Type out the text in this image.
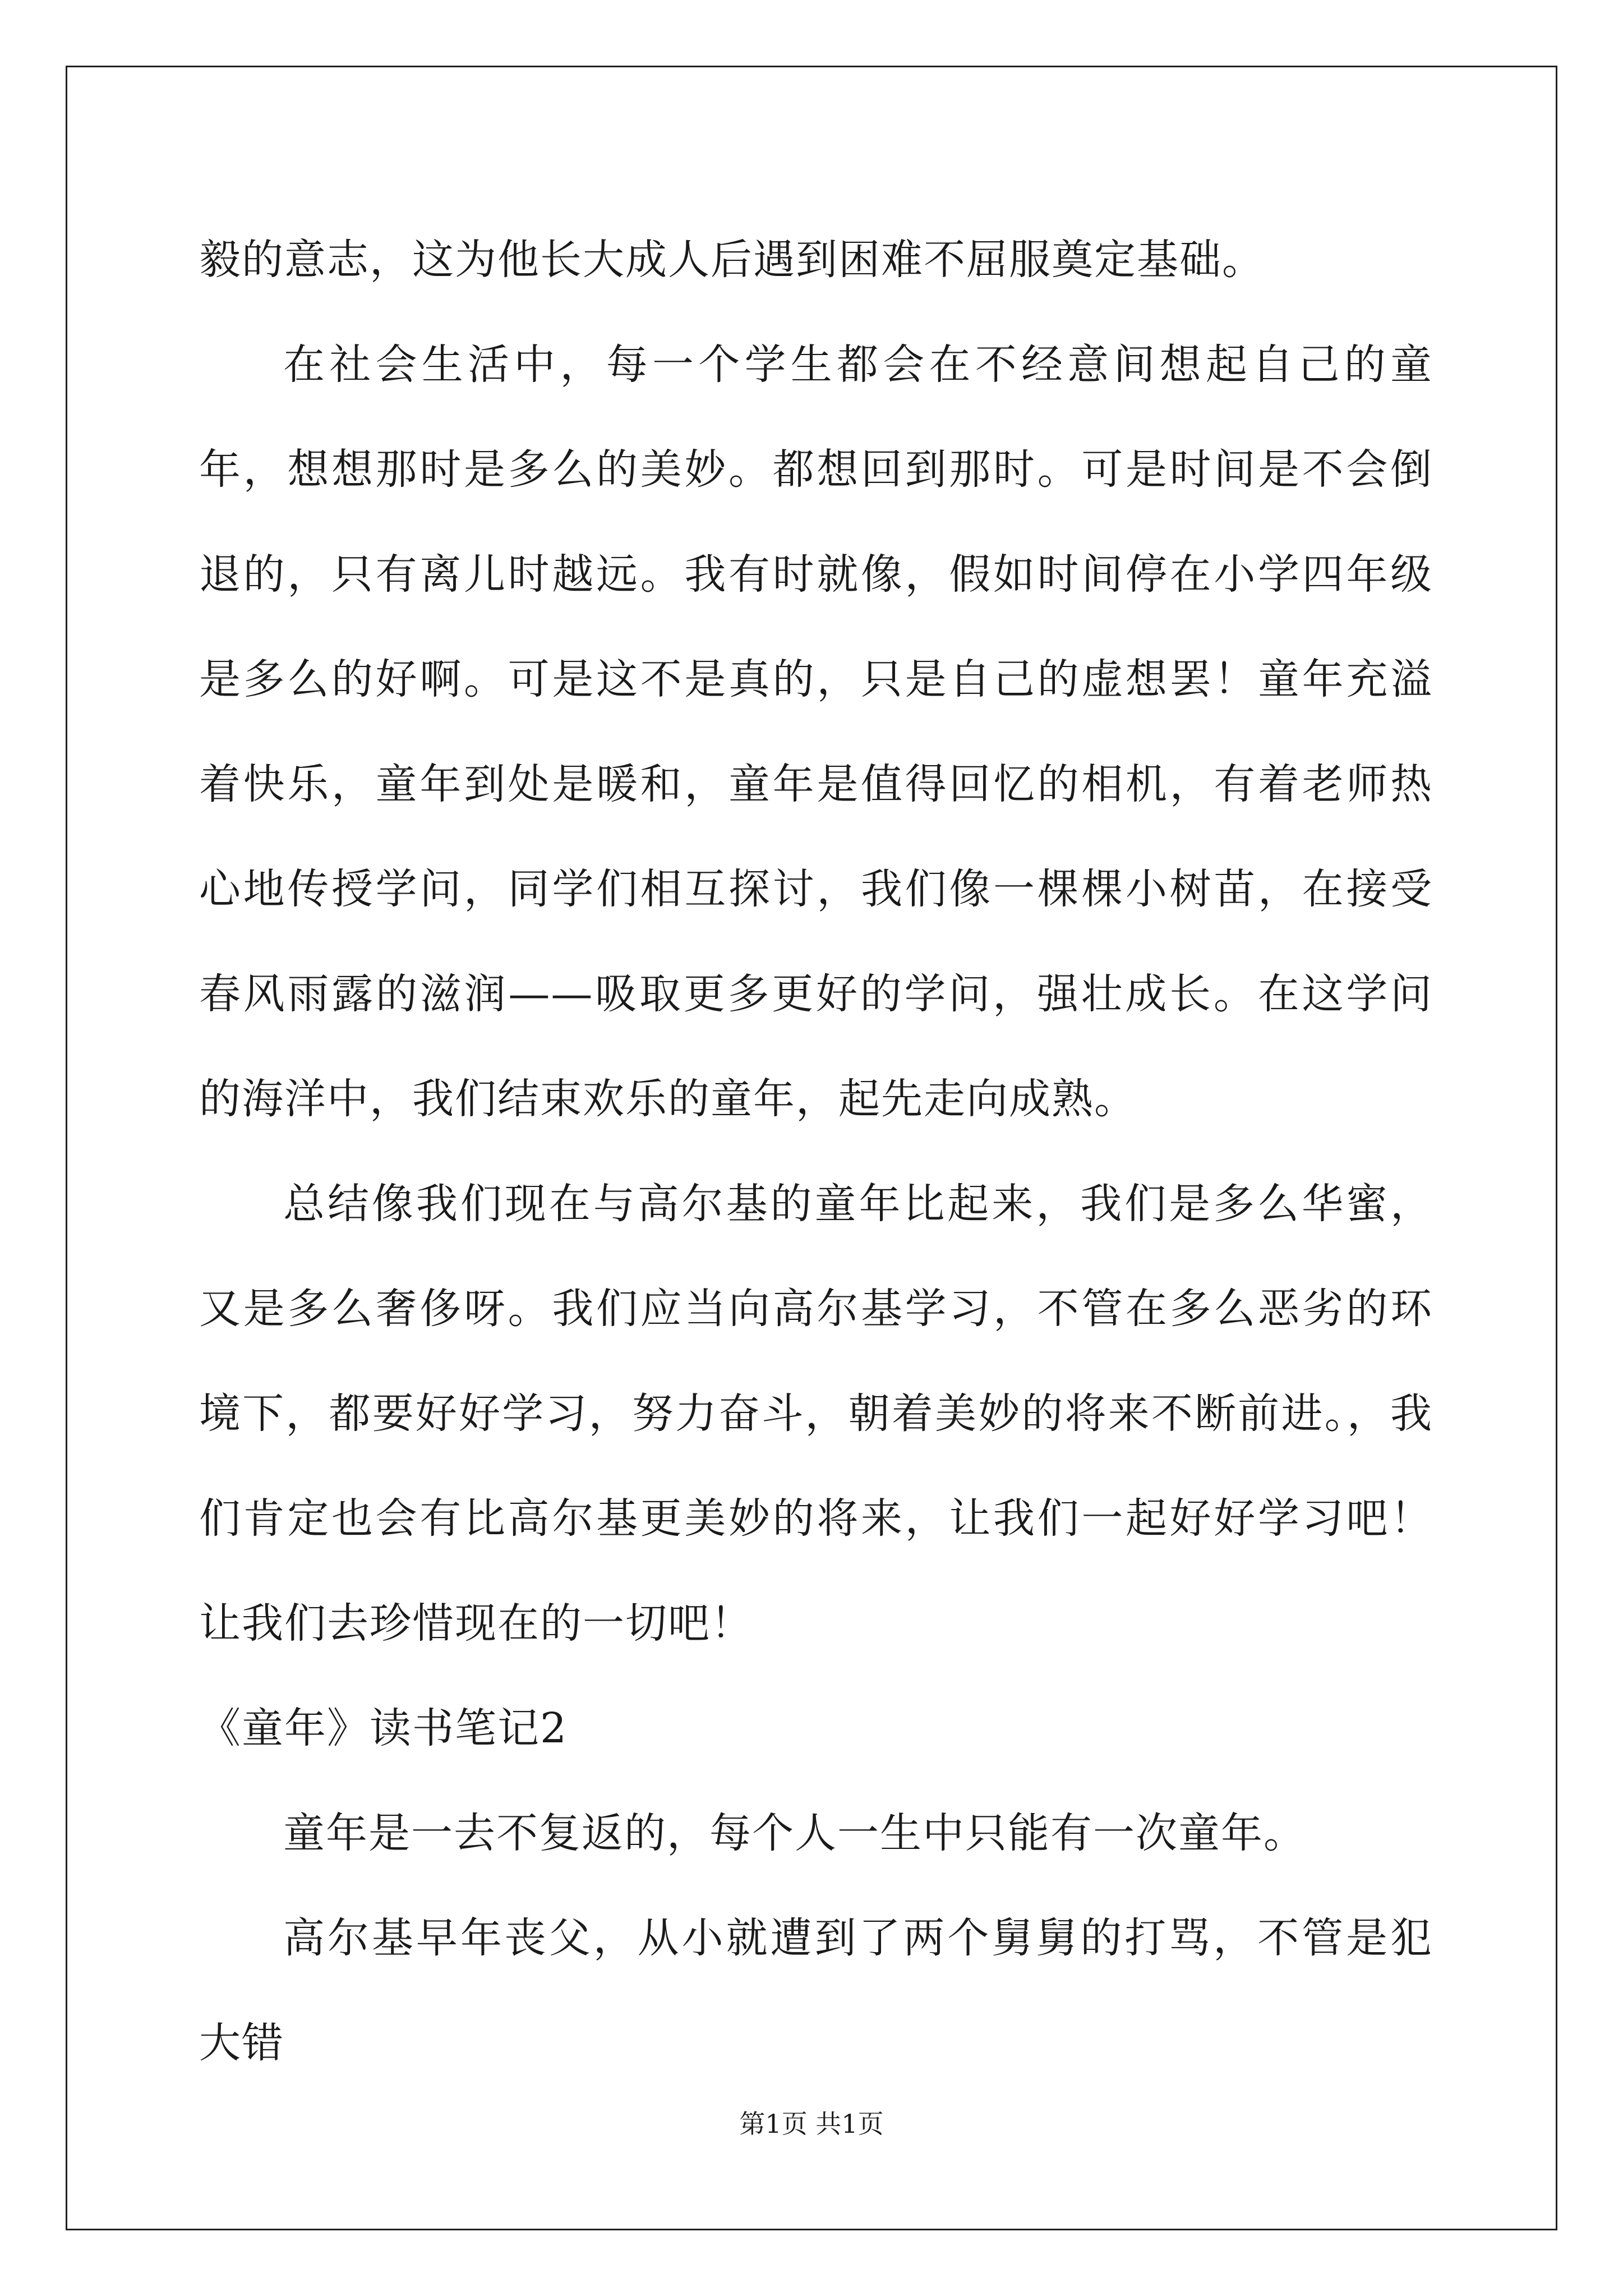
毅的意志，这为他长大成人后遇到困难不屈服奠定基础。

在社会生活中，每一个学生都会在不经意间想起自己的童年，想想那时是多么的美妙。都想回到那时。可是时间是不会倒退的，只有离儿时越远。我有时就像，假如时间停在小学四年级是多么的好啊。可是这不是真的，只是自己的虚想罢！童年充溢着快乐，童年到处是暖和，童年是值得回忆的相机，有着老师热心地传授学问，同学们相互探讨，我们像一棵棵小树苗，在接受春风雨露的滋润——吸取更多更好的学问，强壮成长。在这学问的海洋中，我们结束欢乐的童年，起先走向成熟。

总结像我们现在与高尔基的童年比起来，我们是多么华蜜，又是多么奢侈呀。我们应当向高尔基学习，不管在多么恶劣的环境下，都要好好学习，努力奋斗，朝着美妙的将来不断前进。，我们肯定也会有比高尔基更美妙的将来，让我们一起好好学习吧！让我们去珍惜现在的一切吧！

《童年》读书笔记2

童年是一去不复返的，每个人一生中只能有一次童年。

高尔基早年丧父，从小就遭到了两个舅舅的打骂，不管是犯大错

第1页 共1页
